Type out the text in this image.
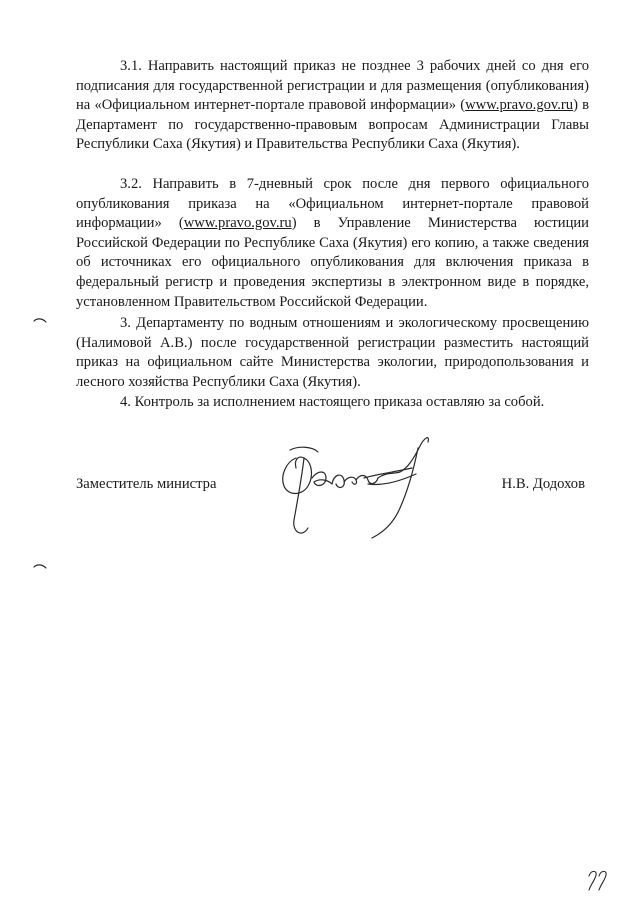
3.1. Направить настоящий приказ не позднее 3 рабочих дней со дня его подписания для государственной регистрации и для размещения (опубликования) на «Официальном интернет-портале правовой информации» (www.pravo.gov.ru) в Департамент по государственно-правовым вопросам Администрации Главы Республики Саха (Якутия) и Правительства Республики Саха (Якутия).
3.2. Направить в 7-дневный срок после дня первого официального опубликования приказа на «Официальном интернет-портале правовой информации» (www.pravo.gov.ru) в Управление Министерства юстиции Российской Федерации по Республике Саха (Якутия) его копию, а также сведения об источниках его официального опубликования для включения приказа в федеральный регистр и проведения экспертизы в электронном виде в порядке, установленном Правительством Российской Федерации.
3. Департаменту по водным отношениям и экологическому просвещению (Налимовой А.В.) после государственной регистрации разместить настоящий приказ на официальном сайте Министерства экологии, природопользования и лесного хозяйства Республики Саха (Якутия).
4. Контроль за исполнением настоящего приказа оставляю за собой.
Заместитель министра	Н.В. Додохов
